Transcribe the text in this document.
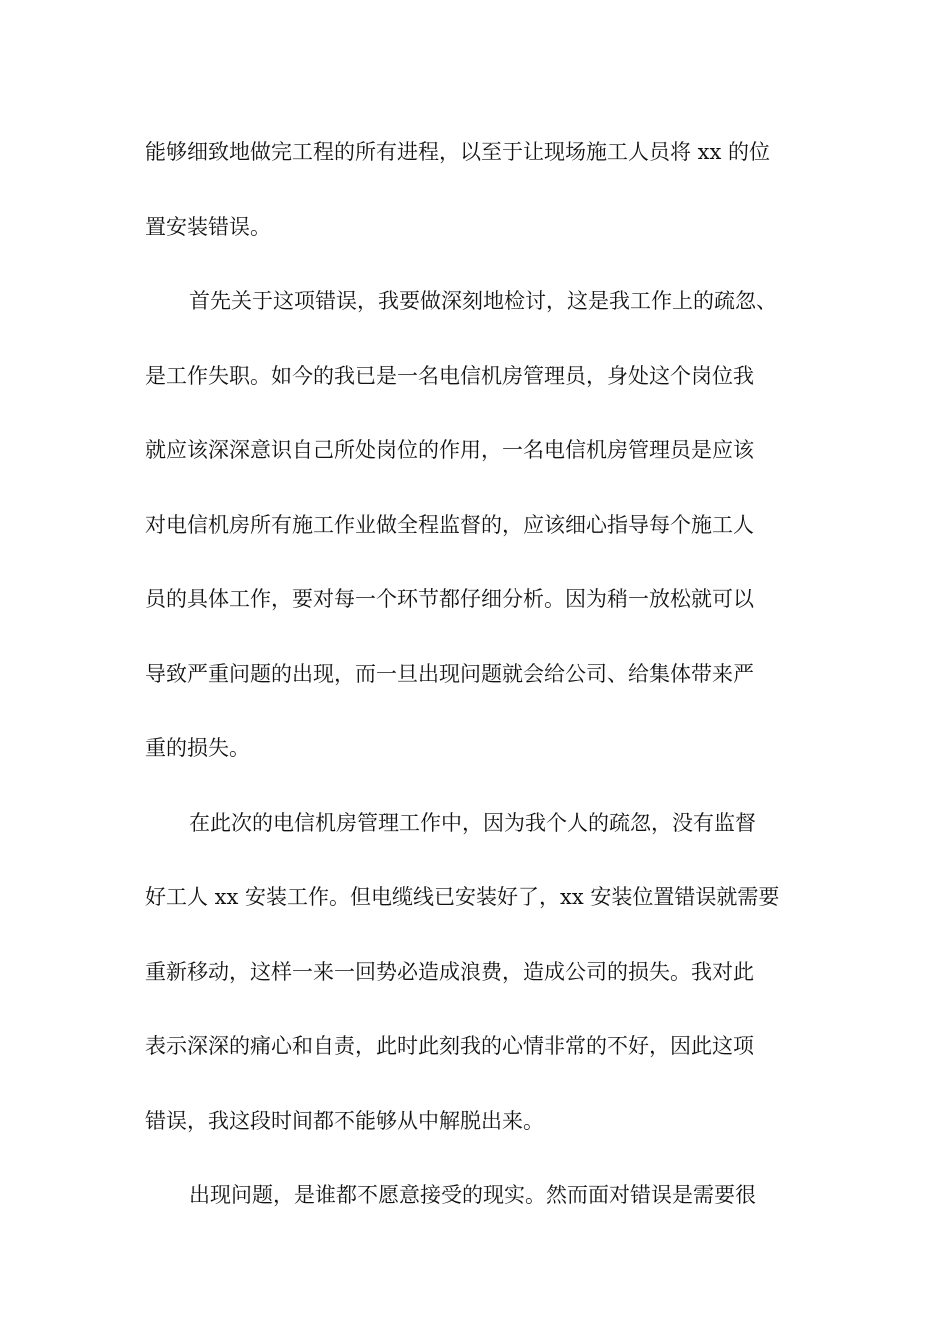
能够细致地做完工程的所有进程，以至于让现场施工人员将 xx 的位
置安装错误。
首先关于这项错误，我要做深刻地检讨，这是我工作上的疏忽、
是工作失职。如今的我已是一名电信机房管理员，身处这个岗位我
就应该深深意识自己所处岗位的作用，一名电信机房管理员是应该
对电信机房所有施工作业做全程监督的，应该细心指导每个施工人
员的具体工作，要对每一个环节都仔细分析。因为稍一放松就可以
导致严重问题的出现，而一旦出现问题就会给公司、给集体带来严
重的损失。
在此次的电信机房管理工作中，因为我个人的疏忽，没有监督
好工人 xx 安装工作。但电缆线已安装好了，xx 安装位置错误就需要
重新移动，这样一来一回势必造成浪费，造成公司的损失。我对此
表示深深的痛心和自责，此时此刻我的心情非常的不好，因此这项
错误，我这段时间都不能够从中解脱出来。
出现问题，是谁都不愿意接受的现实。然而面对错误是需要很
